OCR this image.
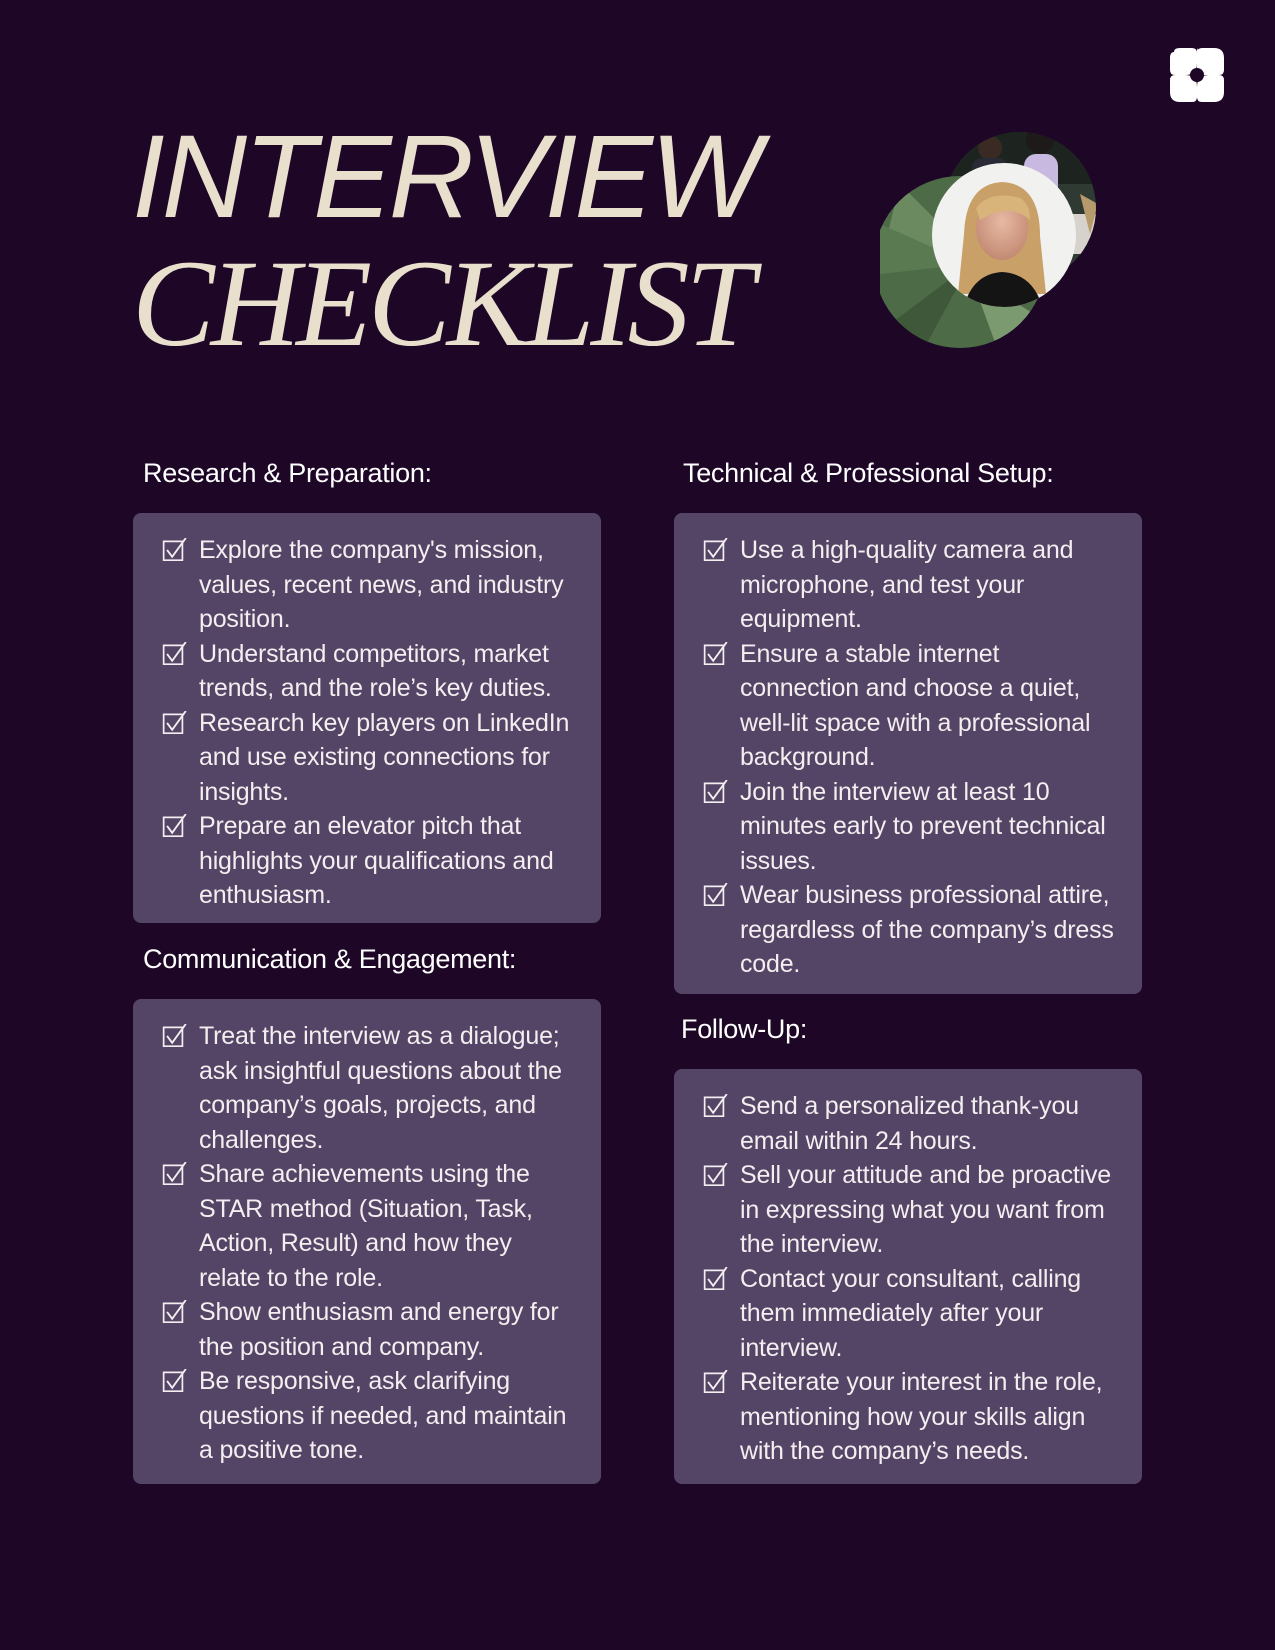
INTERVIEW
CHECKLIST
Research & Preparation:
Explore the company's mission, values, recent news, and industry position.
Understand competitors, market trends, and the role’s key duties.
Research key players on LinkedIn and use existing connections for insights.
Prepare an elevator pitch that highlights your qualifications and enthusiasm.
Communication & Engagement:
Treat the interview as a dialogue; ask insightful questions about the company’s goals, projects, and challenges.
Share achievements using the STAR method (Situation, Task, Action, Result) and how they relate to the role.
Show enthusiasm and energy for the position and company.
Be responsive, ask clarifying questions if needed, and maintain a positive tone.
Technical & Professional Setup:
Use a high-quality camera and microphone, and test your equipment.
Ensure a stable internet connection and choose a quiet, well-lit space with a professional background.
Join the interview at least 10 minutes early to prevent technical issues.
Wear business professional attire, regardless of the company’s dress code.
Follow-Up:
Send a personalized thank-you email within 24 hours.
Sell your attitude and be proactive in expressing what you want from the interview.
Contact your consultant, calling them immediately after your interview.
Reiterate your interest in the role, mentioning how your skills align with the company’s needs.
